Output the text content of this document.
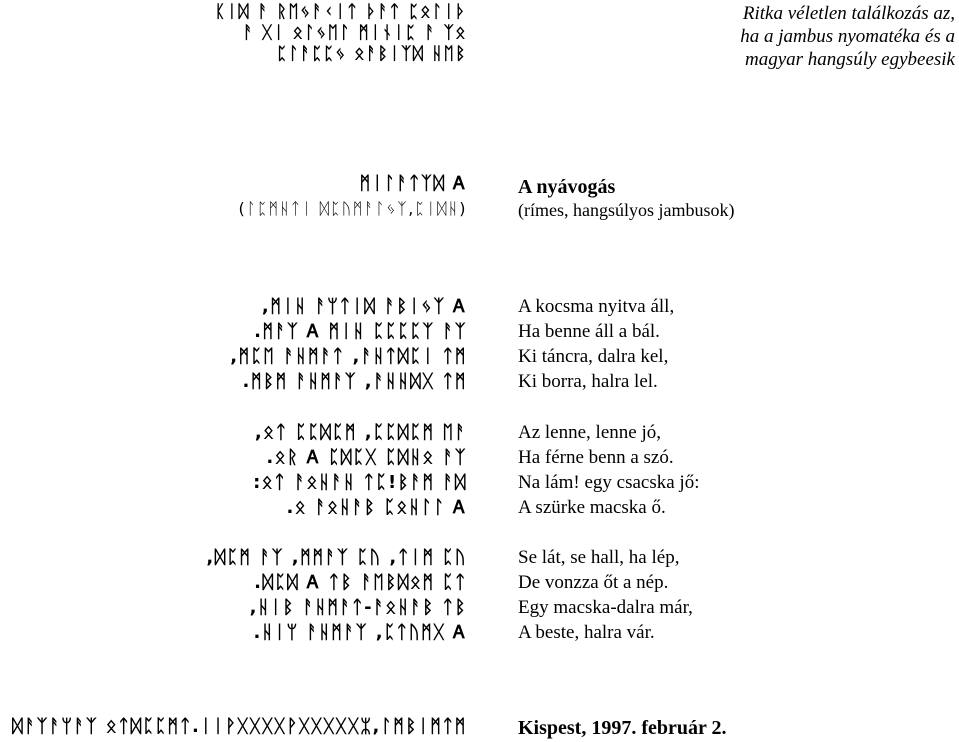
ᛕᛁᛞ ᚨ ᚱᛖᛃᚨᚲᛁᛏ ᚦᚨᛏ ᛈᛟᛚᛁᚦ
ᚨ ᚷᛁ ᛟᛚᛃᛖᛚ ᛗᛁᚾᛁᛈ ᚨ ᛉᛟ
ᛈᛚᚨᛈᛈᛃ ᛟᚨᛒᛁᛉᛞ ᚺᛖᛒ
ᛗᛁᛚᚨᛏᛉᛞ Ꭺ
(ᛚᛈᛗᚺᛏᛁ ᛞᛈᚢᛗᚨᛚᛃᛉ,ᛈᛁᛞᚺ)
,ᛗᛁᚺ ᚨᛘᛏᛁᛞ ᚨᛒᛁᛃᛉ Ꭺ
.ᛗᚨᛉ Ꭺ ᛗᛁᚺ ᛈᛈᛈᛈᛉ ᚨᛉ
,ᛗᛈᛖ ᚨᚺᛗᚨᛏ ,ᚨᚺᛏᛞᛈᛁ ᛏᛗ
.ᛗᛒᛗ ᚨᚺᛗᚨᛉ ,ᚨᚺᚺᛞᚷ ᛏᛗ
,ᛟᛏ ᛈᛈᛞᛈᛗ ,ᛈᛈᛞᛈᛗ ᛖᚨ
.ᛟᚱ Ꭺ ᛈᛞᛈᚷ ᛈᛞᚺᛟ ᚨᛉ
:ᛟᛏ ᚨᛟᚺᚨᚺ ᛏᛈ!ᛒᚨᛗ ᚨᛞ
.ᛟ ᚨᛟᚺᚨᛒ ᛈᛟᚺᛚᛚ Ꭺ
,ᛞᛈᛗ ᚨᛉ ,ᛗᛗᚨᛉ ᛈᚢ ,ᛏᛁᛗ ᛈᚢ
.ᛞᛈᛞ Ꭺ ᛏᛒ ᚨᛖᛒᛞᛟᛗ ᛈᛏ
,ᚺᛁᛒ ᚨᚺᛗᚨᛏ-ᚨᛟᚺᚨᛒ ᛏᛒ
.ᚺᛁᛘ ᚨᚺᛗᚨᛉ ,ᛈᛏᚢᛗᚷ Ꭺ
ᛞᚨᛉᚨᛘᚨᛉ ᛟᛏᛞᛈᛈᛗᛏ.ᛁᛁᚹᚷᚷᚷᚷᚹᚷᚷᚷᚷᚷᛯ,ᛚᛗᛒᛁᛗᛏᛗ
Ritka véletlen találkozás az,
ha a jambus nyomatéka és a
magyar hangsúly egybeesik
A nyávogás
(rímes, hangsúlyos jambusok)
A kocsma nyitva áll,
Ha benne áll a bál.
Ki táncra, dalra kel,
Ki borra, halra lel.
Az lenne, lenne jó,
Ha férne benn a szó.
Na lám! egy csacska jő:
A szürke macska ő.
Se lát, se hall, ha lép,
De vonzza őt a nép.
Egy macska-dalra már,
A beste, halra vár.
Kispest, 1997. február 2.
